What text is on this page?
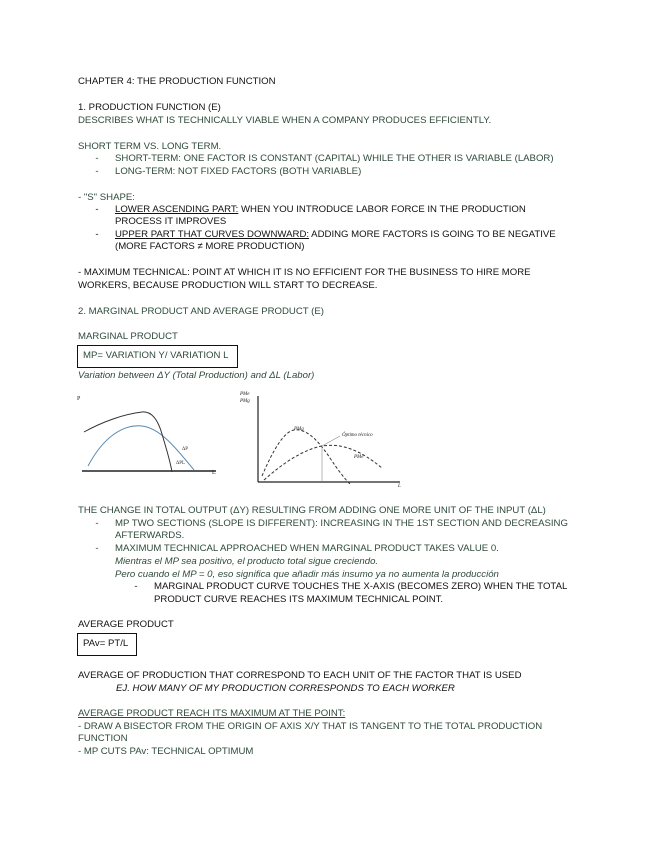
CHAPTER 4: THE PRODUCTION FUNCTION
1. PRODUCTION FUNCTION (E)
DESCRIBES WHAT IS TECHNICALLY VIABLE WHEN A COMPANY PRODUCES EFFICIENTLY.
SHORT TERM VS. LONG TERM.
- SHORT-TERM: ONE FACTOR IS CONSTANT (CAPITAL) WHILE THE OTHER IS VARIABLE (LABOR)
- LONG-TERM: NOT FIXED FACTORS (BOTH VARIABLE)
- "S" SHAPE:
- LOWER ASCENDING PART: WHEN YOU INTRODUCE LABOR FORCE IN THE PRODUCTION
PROCESS IT IMPROVES
- UPPER PART THAT CURVES DOWNWARD: ADDING MORE FACTORS IS GOING TO BE NEGATIVE
(MORE FACTORS ≠ MORE PRODUCTION)
- MAXIMUM TECHNICAL: POINT AT WHICH IT IS NO EFFICIENT FOR THE BUSINESS TO HIRE MORE
WORKERS, BECAUSE PRODUCTION WILL START TO DECREASE.
2. MARGINAL PRODUCT AND AVERAGE PRODUCT (E)
MARGINAL PRODUCT
MP= VARIATION Y/ VARIATION L
Variation between ΔY (Total Production) and ΔL (Labor)
P
ΔP
ΔPL
L
PMe
PMg
PMg
Óptimo técnico
PMe
L
THE CHANGE IN TOTAL OUTPUT (ΔY) RESULTING FROM ADDING ONE MORE UNIT OF THE INPUT (ΔL)
- MP TWO SECTIONS (SLOPE IS DIFFERENT): INCREASING IN THE 1ST SECTION AND DECREASING
AFTERWARDS.
- MAXIMUM TECHNICAL APPROACHED WHEN MARGINAL PRODUCT TAKES VALUE 0.
Mientras el MP sea positivo, el producto total sigue creciendo.
Pero cuando el MP = 0, eso significa que añadir más insumo ya no aumenta la producción
- MARGINAL PRODUCT CURVE TOUCHES THE X-AXIS (BECOMES ZERO) WHEN THE TOTAL
PRODUCT CURVE REACHES ITS MAXIMUM TECHNICAL POINT.
AVERAGE PRODUCT
PAv= PT/L
AVERAGE OF PRODUCTION THAT CORRESPOND TO EACH UNIT OF THE FACTOR THAT IS USED
EJ. HOW MANY OF MY PRODUCTION CORRESPONDS TO EACH WORKER
AVERAGE PRODUCT REACH ITS MAXIMUM AT THE POINT:
- DRAW A BISECTOR FROM THE ORIGIN OF AXIS X/Y THAT IS TANGENT TO THE TOTAL PRODUCTION
FUNCTION
- MP CUTS PAv: TECHNICAL OPTIMUM
